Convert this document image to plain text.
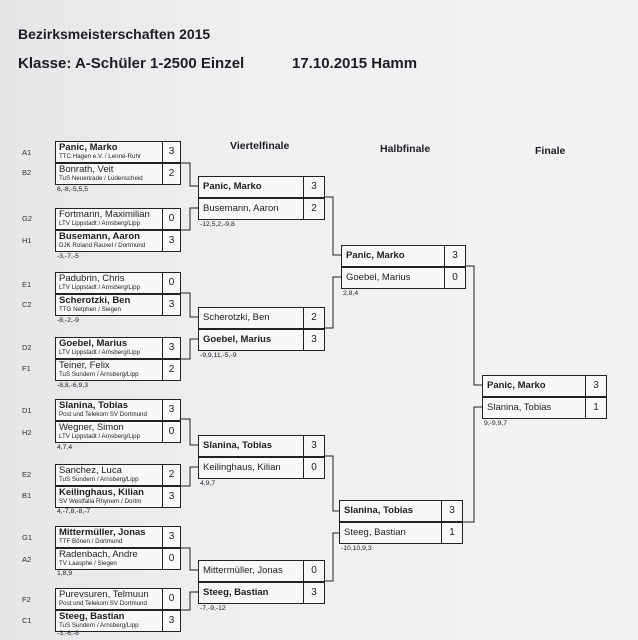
Bezirksmeisterschaften 2015
Klasse: A-Schüler 1-2500 Einzel	17.10.2015 Hamm
Viertelfinale	Halbfinale	Finale
A1	Panic, Marko
TTC Hagen e.V. / Lenne-Ruhr	3
B2	Bonrath, Veit
TuS Neuenrade / Lüdenscheid	2
6,-8,-5,5,5
G2	Fortmann, Maximilian
LTV Lippstadt / Arnsberg/Lipp	0
H1	Busemann, Aaron
DJK Roland Rauxel / Dortmund	3
-3,-7,-5
E1
Padubrin, Chris
LTV Lippstadt / Arnsberg/Lipp	0
C2	Scherotzki, Ben
TTG Netphen / Siegen	3
-8,-2,-9
D2	Goebel, Marius
LTV Lippstadt / Arnsberg/Lipp	3
F1	Teiner, Felix
TuS Sundern / Arnsberg/Lipp	2
-8,8,-6,9,3
D1	Slanina, Tobias
Post und Telekom SV Dortmund	3
H2	Wegner, Simon
LTV Lippstadt / Arnsberg/Lipp	0
4,7,4
E2	Sanchez, Luca
TuS Sundern / Arnsberg/Lipp	2
B1	Keilinghaus, Kilian
SV Westfalia Rhynern / Dortm	3
4,-7,8,-8,-7
G1	Mittermüller, Jonas
TTF Bönen / Dortmund	3
A2	Radenbach, Andre
TV Laasphe / Siegen	0
1,8,9
F2	Purevsuren, Telmuun
Post und Telekom SV Dortmund	0
C1	Steeg, Bastian
TuS Sundern / Arnsberg/Lipp	3
-3,-6,-8
Panic, Marko	3
Busemann, Aaron	2
-12,5,2,-9,8
Scherotzki, Ben	2
Goebel, Marius	3
-9,9,11,-5,-9
Slanina, Tobias	3
Keilinghaus, Kilian	0
4,9,7
Mittermüller, Jonas	0
Steeg, Bastian	3
-7,-9,-12
Panic, Marko	3
Goebel, Marius	0
2,8,4
Slanina, Tobias	3
Steeg, Bastian	1
-10,10,9,3
Panic, Marko	3
Slanina, Tobias	1
9,-9,9,7
